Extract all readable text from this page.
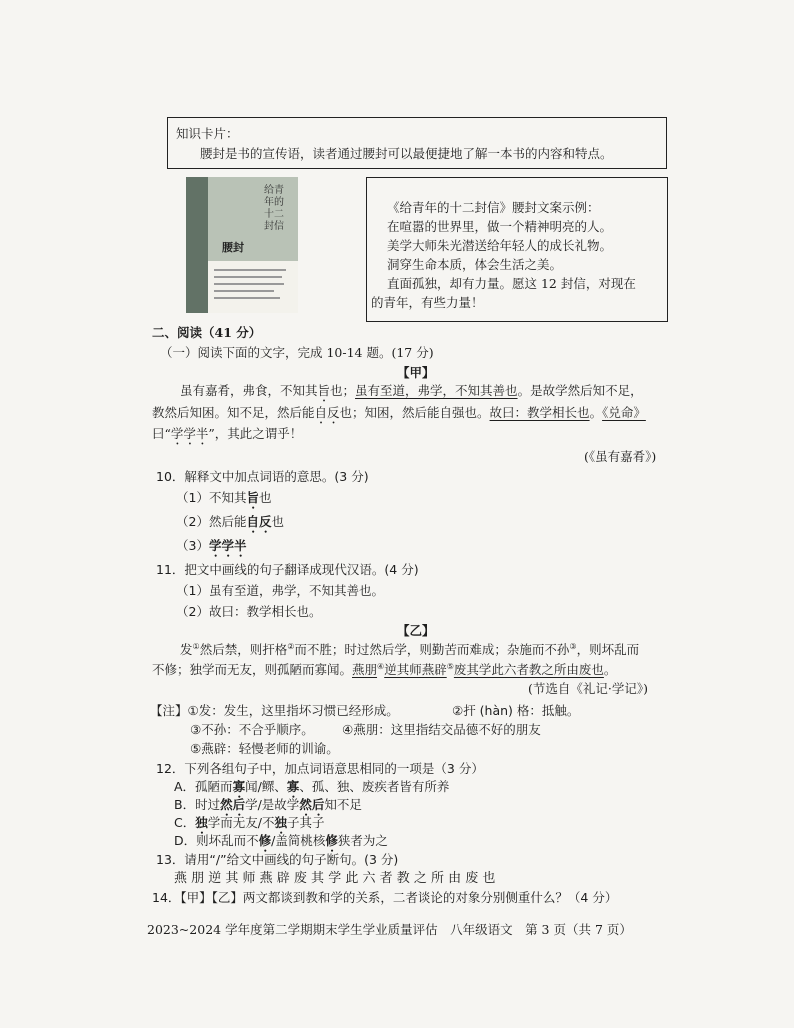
知识卡片：
腰封是书的宣传语，读者通过腰封可以最便捷地了解一本书的内容和特点。
给青年的十二封信
腰封
《给青年的十二封信》腰封文案示例：
在喧嚣的世界里，做一个精神明亮的人。
美学大师朱光潜送给年轻人的成长礼物。
洞穿生命本质，体会生活之美。
直面孤独，却有力量。愿这 12 封信，对现在
的青年，有些力量！
二、阅读（41 分）
（一）阅读下面的文字，完成 10-14 题。(17 分)
【甲】
虽有嘉肴，弗食，不知其旨也；虽有至道，弗学，不知其善也。是故学然后知不足，
教然后知困。知不足，然后能自反也；知困，然后能自强也。故曰：教学相长也。《兑命》
曰“学学半”，其此之谓乎！
(《虽有嘉肴》)
10．解释文中加点词语的意思。(3 分)
（1）不知其旨也
（2）然后能自反也
（3）学学半
11．把文中画线的句子翻译成现代汉语。(4 分)
（1）虽有至道，弗学，不知其善也。
（2）故曰：教学相长也。
【乙】
发①然后禁，则扞格②而不胜；时过然后学，则勤苦而难成；杂施而不孙③，则坏乱而
不修；独学而无友，则孤陋而寡闻。燕朋④逆其师燕辟⑤废其学此六者教之所由废也。
(节选自《礼记·学记》)
【注】①发：发生，这里指坏习惯已经形成。	②扞 (hàn) 格：抵触。
③不孙：不合乎顺序。 ④燕朋：这里指结交品德不好的朋友
⑤燕辟：轻慢老师的训谕。
12．下列各组句子中，加点词语意思相同的一项是（3 分）
A．孤陋而寡闻/鳏、寡、孤、独、废疾者皆有所养
B．时过然后学/是故学然后知不足
C．独学而无友/不独子其子
D．则坏乱而不修/盖简桃核修狭者为之
13．请用“/”给文中画线的句子断句。(3 分)
燕 朋 逆 其 师 燕 辟 废 其 学 此 六 者 教 之 所 由 废 也
14．【甲】【乙】两文都谈到教和学的关系，二者谈论的对象分别侧重什么？（4 分）
2023~2024 学年度第二学期期末学生学业质量评估　八年级语文　第 3 页（共 7 页）
